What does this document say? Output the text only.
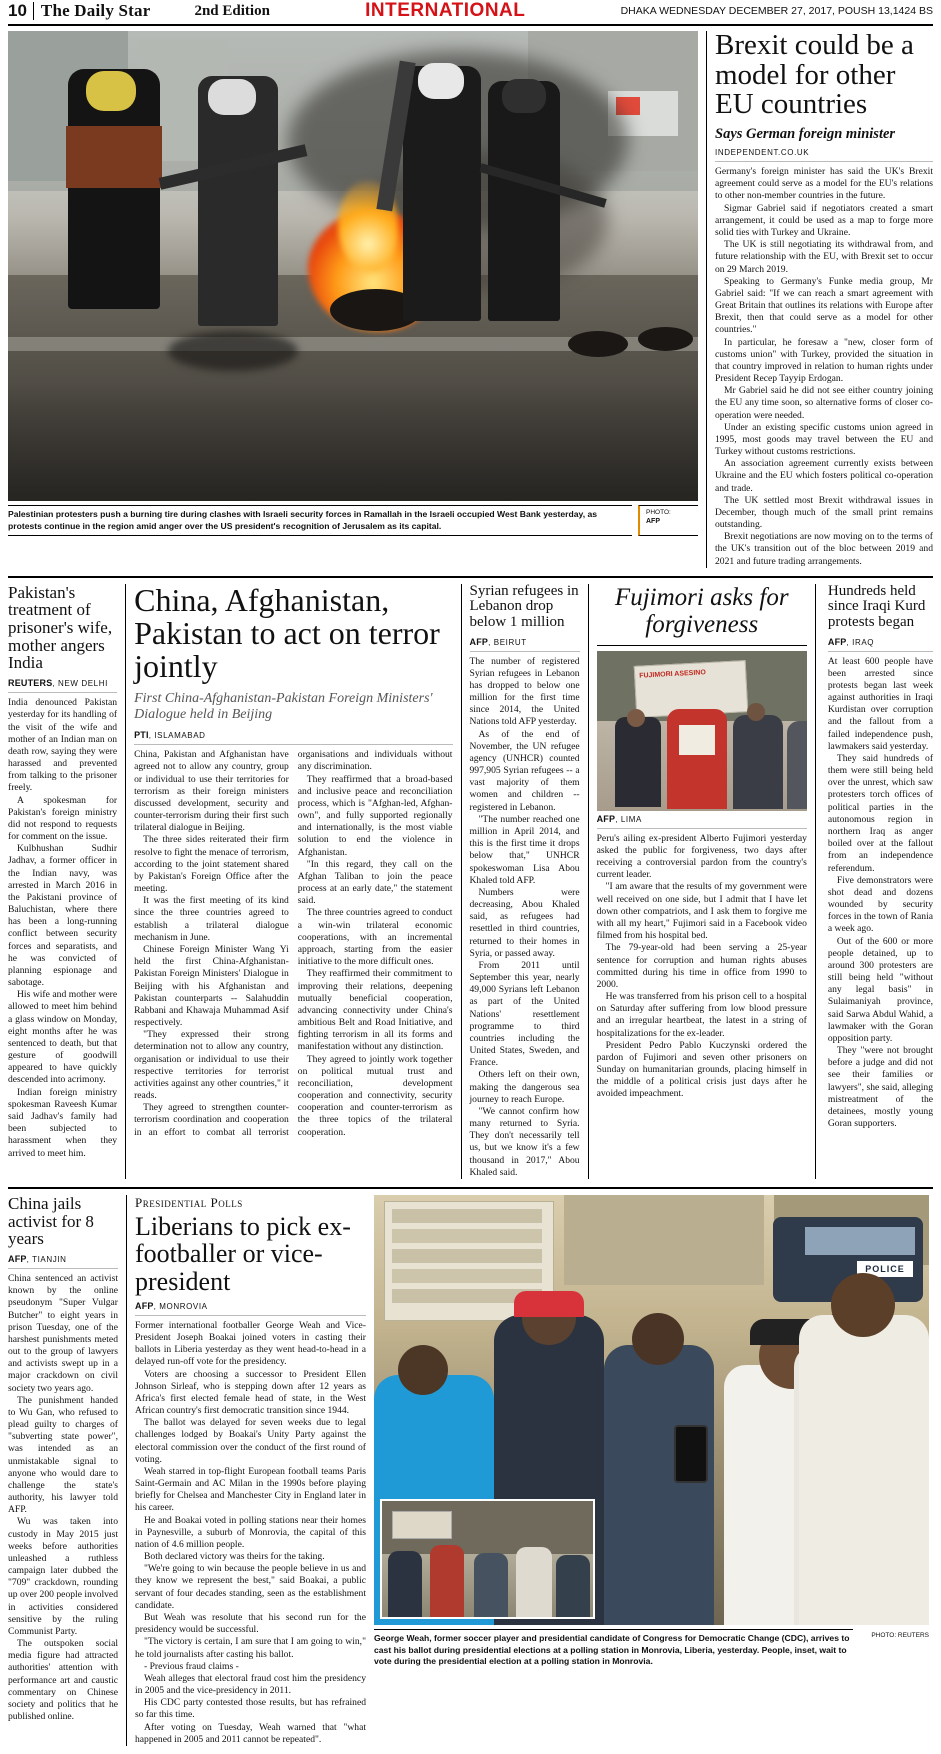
10 The Daily Star	2nd Edition	INTERNATIONAL	DHAKA WEDNESDAY DECEMBER 27, 2017, POUSH 13,1424 BS
Palestinian protesters push a burning tire during clashes with Israeli security forces in Ramallah in the Israeli occupied West Bank yesterday, as protests continue in the region amid anger over the US president's recognition of Jerusalem as its capital.
PHOTO:
AFP
Brexit could be a model for other EU countries
Says German foreign minister
INDEPENDENT.CO.UK

Germany's foreign minister has said the UK's Brexit agreement could serve as a model for the EU's relations to other non-member countries in the future.

Sigmar Gabriel said if negotiators created a smart arrangement, it could be used as a map to forge more solid ties with Turkey and Ukraine.

The UK is still negotiating its withdrawal from, and future relationship with the EU, with Brexit set to occur on 29 March 2019.

Speaking to Germany's Funke media group, Mr Gabriel said: "If we can reach a smart agreement with Great Britain that outlines its relations with Europe after Brexit, then that could serve as a model for other countries."

In particular, he foresaw a "new, closer form of customs union" with Turkey, provided the situation in that country improved in relation to human rights under President Recep Tayyip Erdogan.

Mr Gabriel said he did not see either country joining the EU any time soon, so alternative forms of closer co-operation were needed.

Under an existing specific customs union agreed in 1995, most goods may travel between the EU and Turkey without customs restrictions.

An association agreement currently exists between Ukraine and the EU which fosters political co-operation and trade.

The UK settled most Brexit withdrawal issues in December, though much of the small print remains outstanding.

Brexit negotiations are now moving on to the terms of the UK's transition out of the bloc between 2019 and 2021 and future trading arrangements.

Pakistan's treatment of prisoner's wife, mother angers India
REUTERS, NEW DELHI

India denounced Pakistan yesterday for its handling of the visit of the wife and mother of an Indian man on death row, saying they were harassed and prevented from talking to the prisoner freely.

A spokesman for Pakistan's foreign ministry did not respond to requests for comment on the issue.

Kulbhushan Sudhir Jadhav, a former officer in the Indian navy, was arrested in March 2016 in the Pakistani province of Baluchistan, where there has been a long-running conflict between security forces and separatists, and he was convicted of planning espionage and sabotage.

His wife and mother were allowed to meet him behind a glass window on Monday, eight months after he was sentenced to death, but that gesture of goodwill appeared to have quickly descended into acrimony.

Indian foreign ministry spokesman Raveesh Kumar said Jadhav's family had been subjected to harassment when they arrived to meet him.

China, Afghanistan, Pakistan to act on terror jointly
First China-Afghanistan-Pakistan Foreign Ministers' Dialogue held in Beijing
PTI, ISLAMABAD

China, Pakistan and Afghanistan have agreed not to allow any country, group or individual to use their territories for terrorism as their foreign ministers discussed development, security and counter-terrorism during their first such trilateral dialogue in Beijing.

The three sides reiterated their firm resolve to fight the menace of terrorism, according to the joint statement shared by Pakistan's Foreign Office after the meeting.

It was the first meeting of its kind since the three countries agreed to establish a trilateral dialogue mechanism in June.

Chinese Foreign Minister Wang Yi held the first China-Afghanistan-Pakistan Foreign Ministers' Dialogue in Beijing with his Afghanistan and Pakistan counterparts -- Salahuddin Rabbani and Khawaja Muhammad Asif respectively.

"They expressed their strong determination not to allow any country, organisation or individual to use their respective territories for terrorist activities against any other countries," it reads.

They agreed to strengthen counter-terrorism coordination and cooperation in an effort to combat all terrorist organisations and individuals without any discrimination.

They reaffirmed that a broad-based and inclusive peace and reconciliation process, which is "Afghan-led, Afghan-own", and fully supported regionally and internationally, is the most viable solution to end the violence in Afghanistan.

"In this regard, they call on the Afghan Taliban to join the peace process at an early date," the statement said.

The three countries agreed to conduct a win-win trilateral economic cooperations, with an incremental approach, starting from the easier initiative to the more difficult ones.

They reaffirmed their commitment to improving their relations, deepening mutually beneficial cooperation, advancing connectivity under China's ambitious Belt and Road Initiative, and fighting terrorism in all its forms and manifestation without any distinction.

They agreed to jointly work together on political mutual trust and reconciliation, development cooperation and connectivity, security cooperation and counter-terrorism as the three topics of the trilateral cooperation.

Syrian refugees in Lebanon drop below 1 million
AFP, BEIRUT

The number of registered Syrian refugees in Lebanon has dropped to below one million for the first time since 2014, the United Nations told AFP yesterday.

As of the end of November, the UN refugee agency (UNHCR) counted 997,905 Syrian refugees -- a vast majority of them women and children -- registered in Lebanon.

"The number reached one million in April 2014, and this is the first time it drops below that," UNHCR spokeswoman Lisa Abou Khaled told AFP.

Numbers were decreasing, Abou Khaled said, as refugees had resettled in third countries, returned to their homes in Syria, or passed away.

From 2011 until September this year, nearly 49,000 Syrians left Lebanon as part of the United Nations' resettlement programme to third countries including the United States, Sweden, and France.

Others left on their own, making the dangerous sea journey to reach Europe.

"We cannot confirm how many returned to Syria. They don't necessarily tell us, but we know it's a few thousand in 2017," Abou Khaled said.

Fujimori asks for forgiveness
FUJIMORI ASESINO
AFP, LIMA

Peru's ailing ex-president Alberto Fujimori yesterday asked the public for forgiveness, two days after receiving a controversial pardon from the country's current leader.

"I am aware that the results of my government were well received on one side, but I admit that I have let down other compatriots, and I ask them to forgive me with all my heart," Fujimori said in a Facebook video filmed from his hospital bed.

The 79-year-old had been serving a 25-year sentence for corruption and human rights abuses committed during his time in office from 1990 to 2000.

He was transferred from his prison cell to a hospital on Saturday after suffering from low blood pressure and an irregular heartbeat, the latest in a string of hospitalizations for the ex-leader.

President Pedro Pablo Kuczynski ordered the pardon of Fujimori and seven other prisoners on Sunday on humanitarian grounds, placing himself in the middle of a political crisis just days after he avoided impeachment.

Hundreds held since Iraqi Kurd protests began
AFP, IRAQ

At least 600 people have been arrested since protests began last week against authorities in Iraqi Kurdistan over corruption and the fallout from a failed independence push, lawmakers said yesterday.

They said hundreds of them were still being held over the unrest, which saw protesters torch offices of political parties in the autonomous region in northern Iraq as anger boiled over at the fallout from an independence referendum.

Five demonstrators were shot dead and dozens wounded by security forces in the town of Rania a week ago.

Out of the 600 or more people detained, up to around 300 protesters are still being held "without any legal basis" in Sulaimaniyah province, said Sarwa Abdul Wahid, a lawmaker with the Goran opposition party.

They "were not brought before a judge and did not see their families or lawyers", she said, alleging mistreatment of the detainees, mostly young Goran supporters.

China jails activist for 8 years
AFP, TIANJIN

China sentenced an activist known by the online pseudonym "Super Vulgar Butcher" to eight years in prison Tuesday, one of the harshest punishments meted out to the group of lawyers and activists swept up in a major crackdown on civil society two years ago.

The punishment handed to Wu Gan, who refused to plead guilty to charges of "subverting state power", was intended as an unmistakable signal to anyone who would dare to challenge the state's authority, his lawyer told AFP.

Wu was taken into custody in May 2015 just weeks before authorities unleashed a ruthless campaign later dubbed the "709" crackdown, rounding up over 200 people involved in activities considered sensitive by the ruling Communist Party.

The outspoken social media figure had attracted authorities' attention with performance art and caustic commentary on Chinese society and politics that he published online.

Presidential Polls
Liberians to pick ex-footballer or vice-president
AFP, MONROVIA

Former international footballer George Weah and Vice-President Joseph Boakai joined voters in casting their ballots in Liberia yesterday as they went head-to-head in a delayed run-off vote for the presidency.

Voters are choosing a successor to President Ellen Johnson Sirleaf, who is stepping down after 12 years as Africa's first elected female head of state, in the West African country's first democratic transition since 1944.

The ballot was delayed for seven weeks due to legal challenges lodged by Boakai's Unity Party against the electoral commission over the conduct of the first round of voting.

Weah starred in top-flight European football teams Paris Saint-Germain and AC Milan in the 1990s before playing briefly for Chelsea and Manchester City in England later in his career.

He and Boakai voted in polling stations near their homes in Paynesville, a suburb of Monrovia, the capital of this nation of 4.6 million people.

Both declared victory was theirs for the taking.

"We're going to win because the people believe in us and they know we represent the best," said Boakai, a public servant of four decades standing, seen as the establishment candidate.

But Weah was resolute that his second run for the presidency would be successful.

"The victory is certain, I am sure that I am going to win," he told journalists after casting his ballot.

- Previous fraud claims -

Weah alleges that electoral fraud cost him the presidency in 2005 and the vice-presidency in 2011.

His CDC party contested those results, but has refrained so far this time.

After voting on Tuesday, Weah warned that "what happened in 2005 and 2011 cannot be repeated".

POLICE
George Weah, former soccer player and presidential candidate of Congress for Democratic Change (CDC), arrives to cast his ballot during presidential elections at a polling station in Monrovia, Liberia, yesterday. People, inset, wait to vote during the presidential election at a polling station in Monrovia.
PHOTO: REUTERS
